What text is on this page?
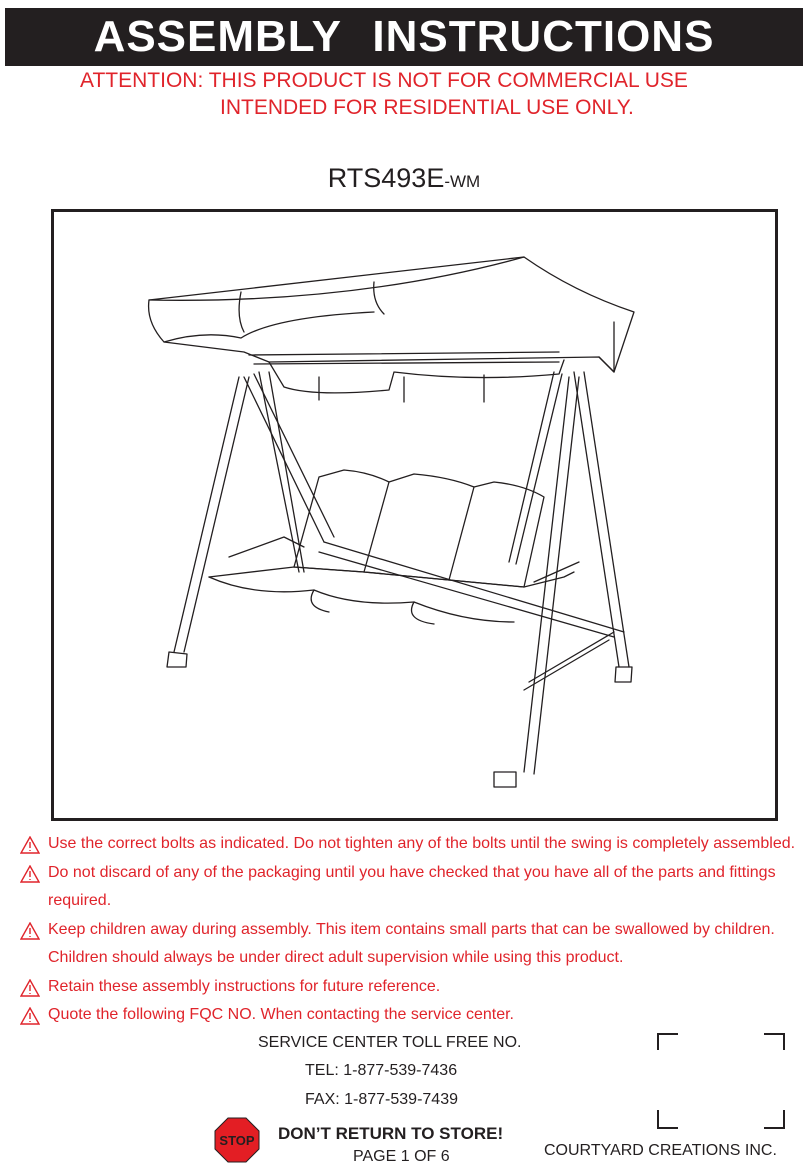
ASSEMBLY INSTRUCTIONS
ATTENTION: THIS PRODUCT IS NOT FOR COMMERCIAL USE
INTENDED FOR RESIDENTIAL USE ONLY.
RTS493E-WM
Use the correct bolts as indicated. Do not tighten any of the bolts until the swing is completely assembled.
Do not discard of any of the packaging until you have checked that you have all of the parts and fittings required.
Keep children away during assembly. This item contains small parts that can be swallowed by children. Children should always be under direct adult supervision while using this product.
Retain these assembly instructions for future reference.
Quote the following FQC NO. When contacting the service center.
SERVICE CENTER TOLL FREE NO.
TEL: 1-877-539-7436
FAX: 1-877-539-7439
STOP DON’T RETURN TO STORE!
PAGE 1 OF 6	COURTYARD CREATIONS INC.
